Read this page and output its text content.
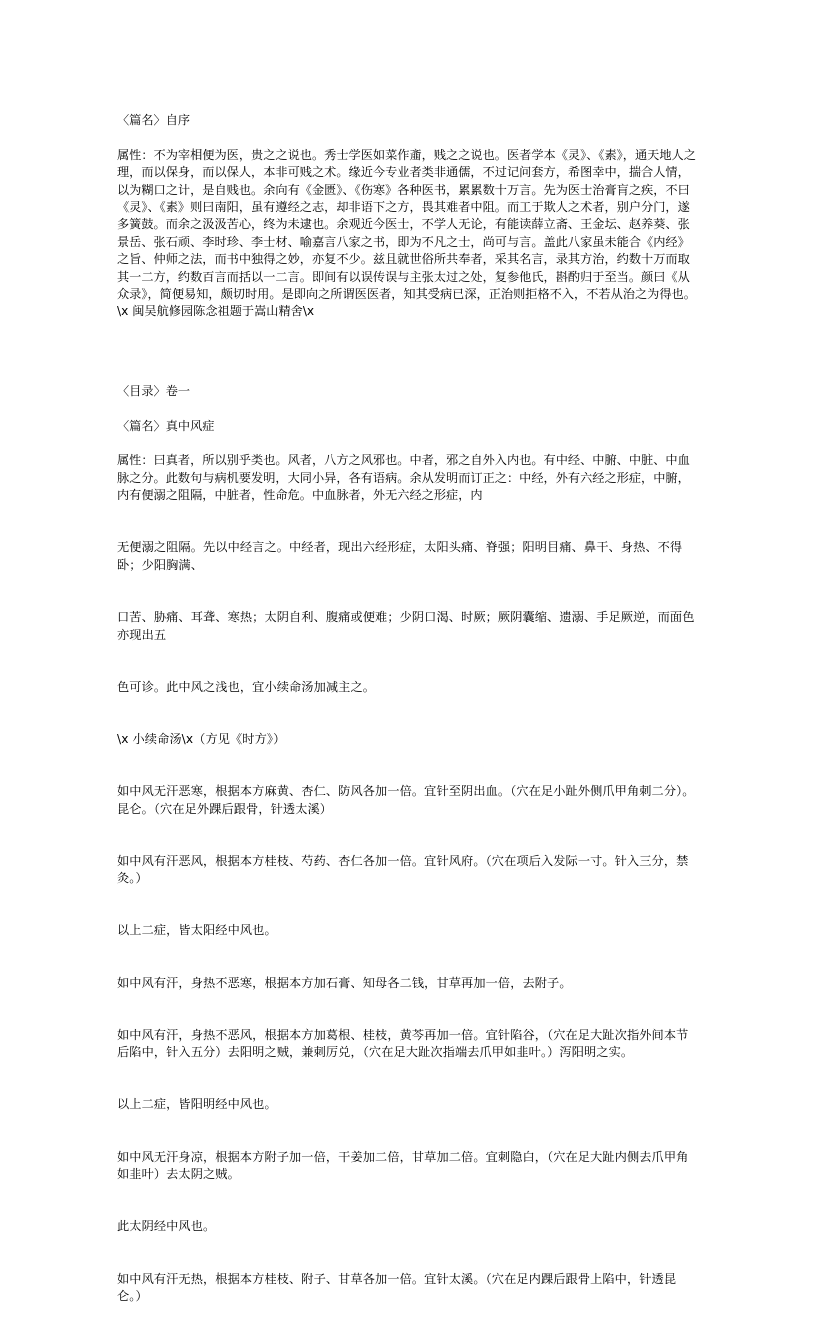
〈篇名〉自序
属性：不为宰相便为医，贵之之说也。秀士学医如菜作齑，贱之之说也。医者学本《灵》、《素》，通天地人之理，而以保身，而以保人，本非可贱之术。缘近今专业者类非通儒，不过记问套方，希图幸中，揣合人情，以为糊口之计，是自贱也。余向有《金匮》、《伤寒》各种医书，累累数十万言。先为医士治膏肓之疾，不曰《灵》、《素》则曰南阳，虽有遵经之志，却非语下之方，畏其难者中阻。而工于欺人之术者，别户分门，遂多簧鼓。而余之汲汲苦心，终为未逮也。余观近今医士，不学人无论，有能读薛立斋、王金坛、赵养葵、张景岳、张石顽、李时珍、李士材、喻嘉言八家之书，即为不凡之士，尚可与言。盖此八家虽未能合《内经》之旨、仲师之法，而书中独得之妙，亦复不少。兹且就世俗所共奉者，采其名言，录其方治，约数十万而取其一二方，约数百言而括以一二言。即间有以误传误与主张太过之处，复参他氏，斟酌归于至当。颜曰《从众录》，简便易知，颇切时用。是即向之所谓医医者，知其受病已深，正治则拒格不入，不若从治之为得也。
\x 闽吴航修园陈念祖题于嵩山精舍\x
〈目录〉卷一
〈篇名〉真中风症
属性：曰真者，所以别乎类也。风者，八方之风邪也。中者，邪之自外入内也。有中经、中腑、中脏、中血脉之分。此数句与病机要发明，大同小异，各有语病。余从发明而订正之：中经，外有六经之形症，中腑，内有便溺之阻隔，中脏者，性命危。中血脉者，外无六经之形症，内

无便溺之阻隔。先以中经言之。中经者，现出六经形症，太阳头痛、脊强；阳明目痛、鼻干、身热、不得卧；少阳胸满、

口苦、胁痛、耳聋、寒热；太阴自利、腹痛或便难；少阴口渴、时厥；厥阴囊缩、遗溺、手足厥逆，而面色亦现出五

色可诊。此中风之浅也，宜小续命汤加减主之。

\x 小续命汤\x（方见《时方》）

如中风无汗恶寒，根据本方麻黄、杏仁、防风各加一倍。宜针至阴出血。（穴在足小趾外侧爪甲角刺二分）。昆仑。（穴在足外踝后跟骨，针透太溪）

如中风有汗恶风，根据本方桂枝、芍药、杏仁各加一倍。宜针风府。（穴在项后入发际一寸。针入三分，禁灸。）

以上二症，皆太阳经中风也。

如中风有汗，身热不恶寒，根据本方加石膏、知母各二钱，甘草再加一倍，去附子。

如中风有汗，身热不恶风，根据本方加葛根、桂枝，黄芩再加一倍。宜针陷谷，（穴在足大趾次指外间本节后陷中，针入五分）去阳明之贼，兼刺厉兑，（穴在足大趾次指端去爪甲如韭叶。）泻阳明之实。

以上二症，皆阳明经中风也。

如中风无汗身凉，根据本方附子加一倍，干姜加二倍，甘草加二倍。宜刺隐白，（穴在足大趾内侧去爪甲角如韭叶）去太阴之贼。

此太阴经中风也。

如中风有汗无热，根据本方桂枝、附子、甘草各加一倍。宜针太溪。（穴在足内踝后跟骨上陷中，针透昆仑。）
